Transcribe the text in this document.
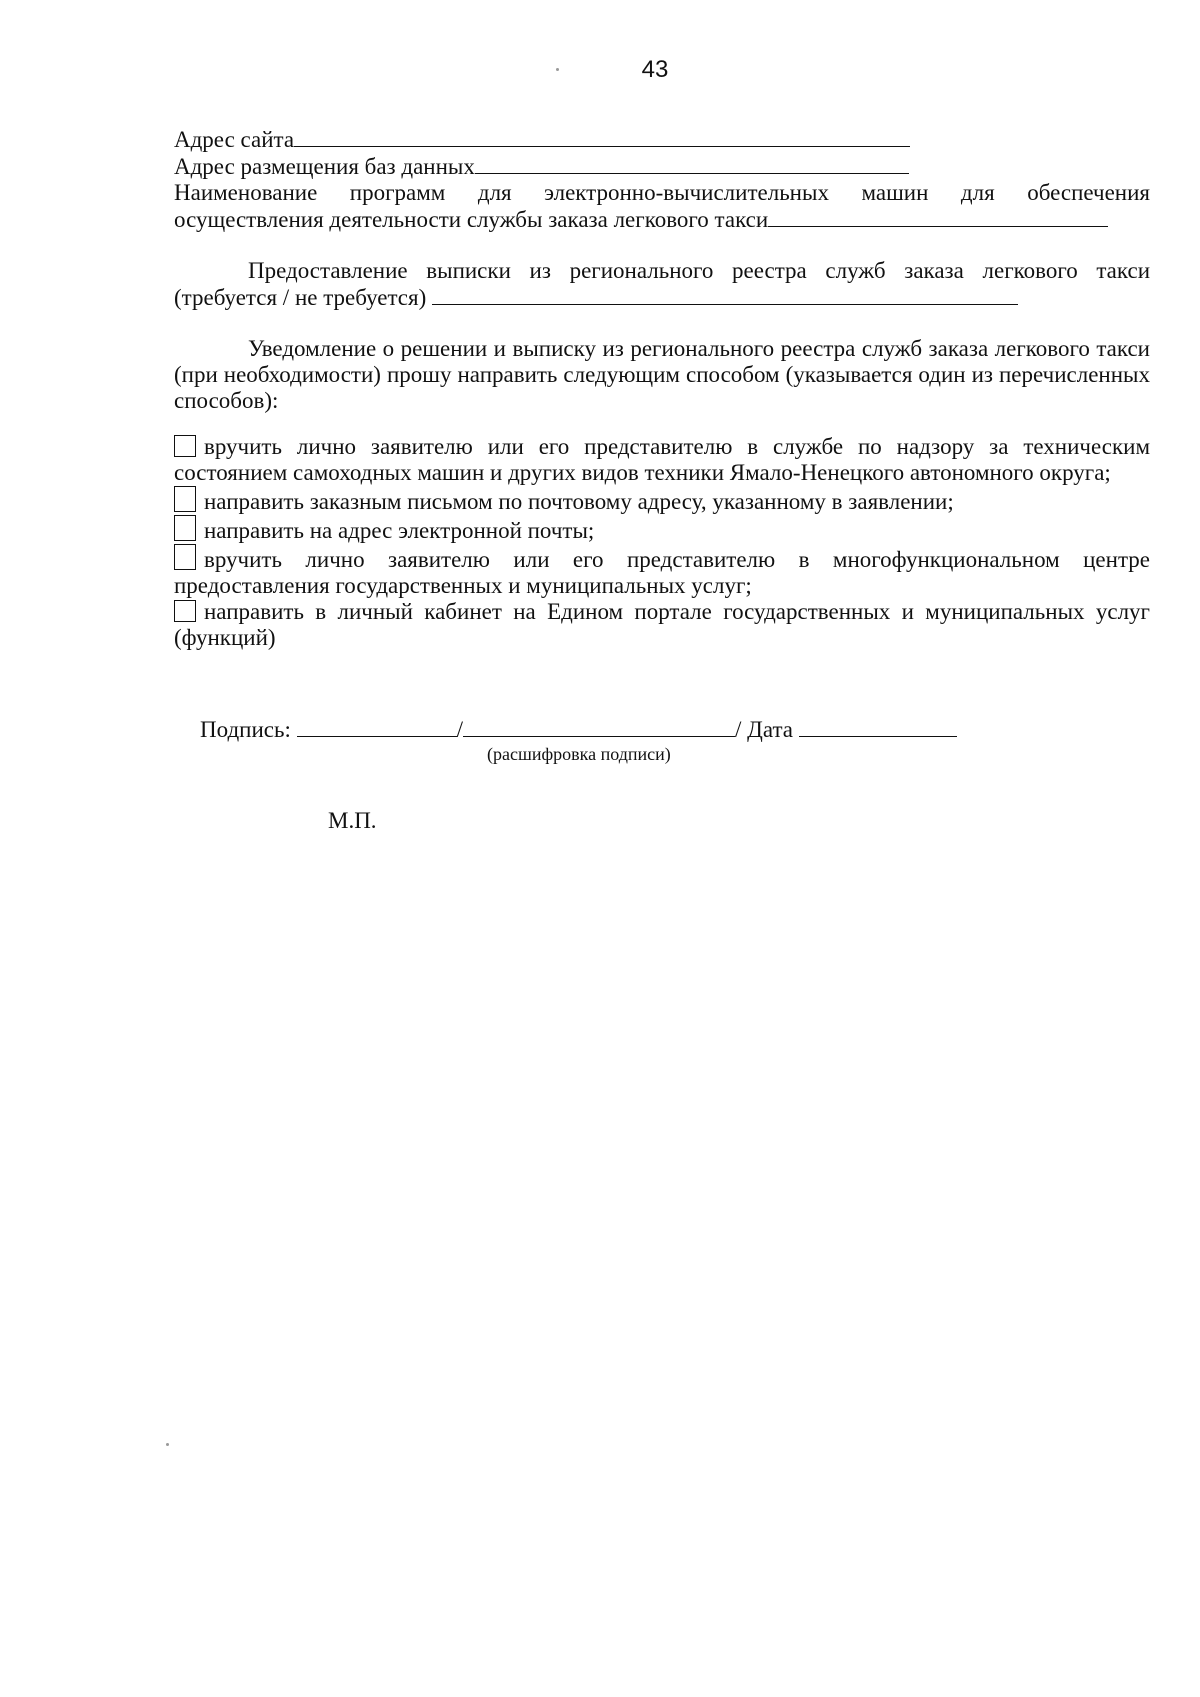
43
Адрес сайта
Адрес размещения баз данных
Наименование программ для электронно-вычислительных машин для обеспечения
осуществления деятельности службы заказа легкового такси
Предоставление выписки из регионального реестра служб заказа легкового такси
(требуется / не требуется)
Уведомление о решении и выписку из регионального реестра служб заказа легкового такси (при необходимости) прошу направить следующим способом (указывается один из перечисленных способов):
вручить лично заявителю или его представителю в службе по надзору за техническим состоянием самоходных машин и других видов техники Ямало-Ненецкого автономного округа;
направить заказным письмом по почтовому адресу, указанному в заявлении;
направить на адрес электронной почты;
вручить лично заявителю или его представителю в многофункциональном центре предоставления государственных и муниципальных услуг;
направить в личный кабинет на Едином портале государственных и муниципальных услуг (функций)
Подпись:	/	/ Дата
(расшифровка подписи)
М.П.
